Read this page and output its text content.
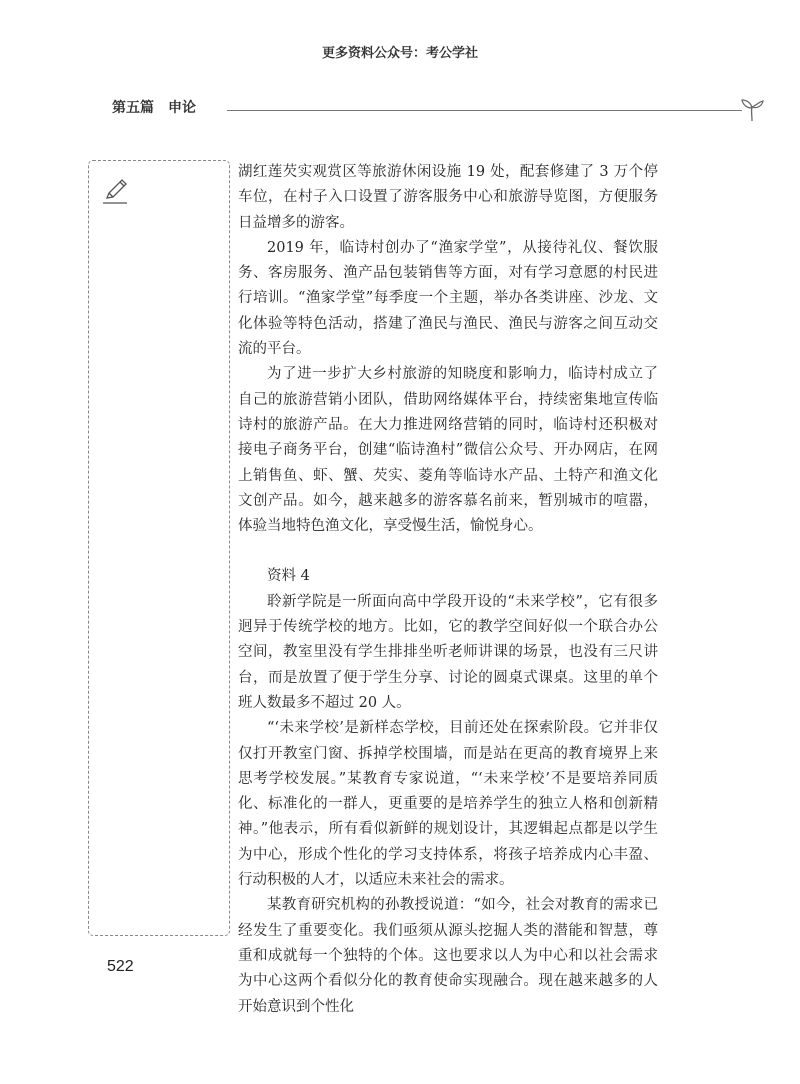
更多资料公众号：考公学社
第五篇　申论

湖红莲芡实观赏区等旅游休闲设施 19 处，配套修建了 3 万个停车位，在村子入口设置了游客服务中心和旅游导览图，方便服务日益增多的游客。

2019 年，临诗村创办了“渔家学堂”，从接待礼仪、餐饮服务、客房服务、渔产品包装销售等方面，对有学习意愿的村民进行培训。“渔家学堂”每季度一个主题，举办各类讲座、沙龙、文化体验等特色活动，搭建了渔民与渔民、渔民与游客之间互动交流的平台。

为了进一步扩大乡村旅游的知晓度和影响力，临诗村成立了自己的旅游营销小团队，借助网络媒体平台，持续密集地宣传临诗村的旅游产品。在大力推进网络营销的同时，临诗村还积极对接电子商务平台，创建“临诗渔村”微信公众号、开办网店，在网上销售鱼、虾、蟹、芡实、菱角等临诗水产品、土特产和渔文化文创产品。如今，越来越多的游客慕名前来，暂别城市的喧嚣，体验当地特色渔文化，享受慢生活，愉悦身心。

资料 4

聆新学院是一所面向高中学段开设的“未来学校”，它有很多迥异于传统学校的地方。比如，它的教学空间好似一个联合办公空间，教室里没有学生排排坐听老师讲课的场景，也没有三尺讲台，而是放置了便于学生分享、讨论的圆桌式课桌。这里的单个班人数最多不超过 20 人。

“‘未来学校’是新样态学校，目前还处在探索阶段。它并非仅仅打开教室门窗、拆掉学校围墙，而是站在更高的教育境界上来思考学校发展。”某教育专家说道，“‘未来学校’不是要培养同质化、标准化的一群人，更重要的是培养学生的独立人格和创新精神。”他表示，所有看似新鲜的规划设计，其逻辑起点都是以学生为中心，形成个性化的学习支持体系，将孩子培养成内心丰盈、行动积极的人才，以适应未来社会的需求。

某教育研究机构的孙教授说道：“如今，社会对教育的需求已经发生了重要变化。我们亟须从源头挖掘人类的潜能和智慧，尊重和成就每一个独特的个体。这也要求以人为中心和以社会需求为中心这两个看似分化的教育使命实现融合。现在越来越多的人开始意识到个性化

522
